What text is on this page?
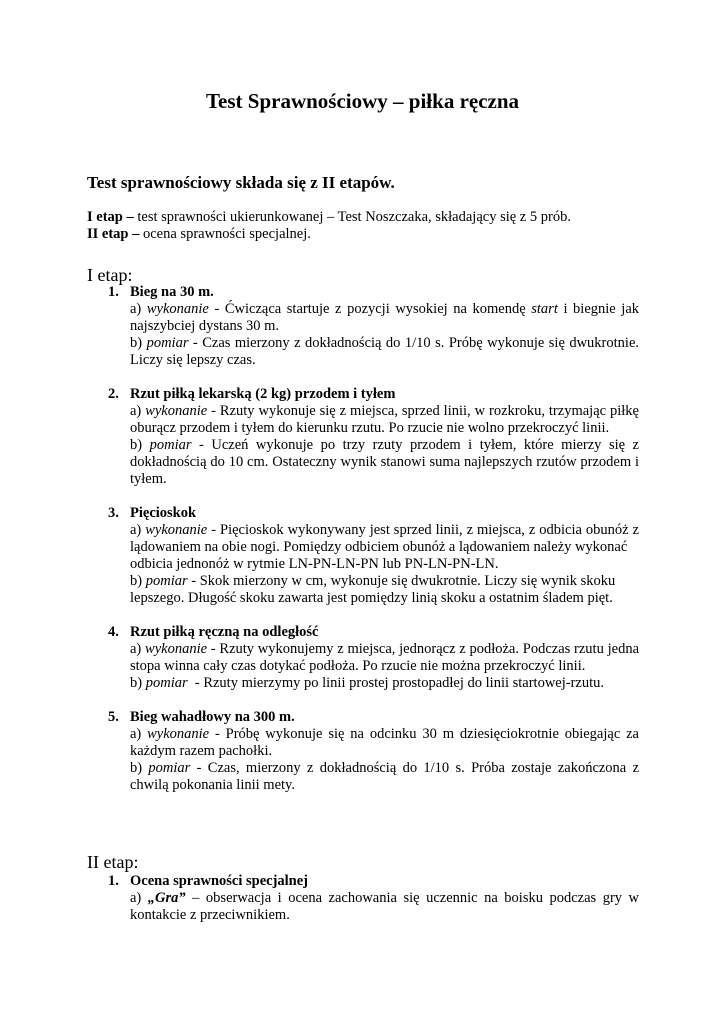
Test Sprawnościowy – piłka ręczna
Test sprawnościowy składa się z II etapów.
I etap – test sprawności ukierunkowanej – Test Noszczaka, składający się z 5 prób.
II etap – ocena sprawności specjalnej.
I etap:
1. Bieg na 30 m.

a) wykonanie - Ćwicząca startuje z pozycji wysokiej na komendę start i biegnie jak najszybciej dystans 30 m.

b) pomiar - Czas mierzony z dokładnością do 1/10 s. Próbę wykonuje się dwukrotnie. Liczy się lepszy czas.

2. Rzut piłką lekarską (2 kg) przodem i tyłem

a) wykonanie - Rzuty wykonuje się z miejsca, sprzed linii, w rozkroku, trzymając piłkę oburącz przodem i tyłem do kierunku rzutu. Po rzucie nie wolno przekroczyć linii.

b) pomiar - Uczeń wykonuje po trzy rzuty przodem i tyłem, które mierzy się z dokładnością do 10 cm. Ostateczny wynik stanowi suma najlepszych rzutów przodem i tyłem.

3. Pięcioskok
a) wykonanie - Pięcioskok wykonywany jest sprzed linii, z miejsca, z odbicia obunóż z
lądowaniem na obie nogi. Pomiędzy odbiciem obunóż a lądowaniem należy wykonać
odbicia jednonóż w rytmie LN-PN-LN-PN lub PN-LN-PN-LN.
b) pomiar - Skok mierzony w cm, wykonuje się dwukrotnie. Liczy się wynik skoku
lepszego. Długość skoku zawarta jest pomiędzy linią skoku a ostatnim śladem pięt.
4. Rzut piłką ręczną na odległość

a) wykonanie - Rzuty wykonujemy z miejsca, jednorącz z podłoża. Podczas rzutu jedna stopa winna cały czas dotykać podłoża. Po rzucie nie można przekroczyć linii.

b) pomiar  - Rzuty mierzymy po linii prostej prostopadłej do linii startowej-rzutu.

5. Bieg wahadłowy na 300 m.

a) wykonanie - Próbę wykonuje się na odcinku 30 m dziesięciokrotnie obiegając za każdym razem pachołki.

b) pomiar - Czas, mierzony z dokładnością do 1/10 s. Próba zostaje zakończona z chwilą pokonania linii mety.

II etap:
1. Ocena sprawności specjalnej

a) „Gra” – obserwacja i ocena zachowania się uczennic na boisku podczas gry w kontakcie z przeciwnikiem.
